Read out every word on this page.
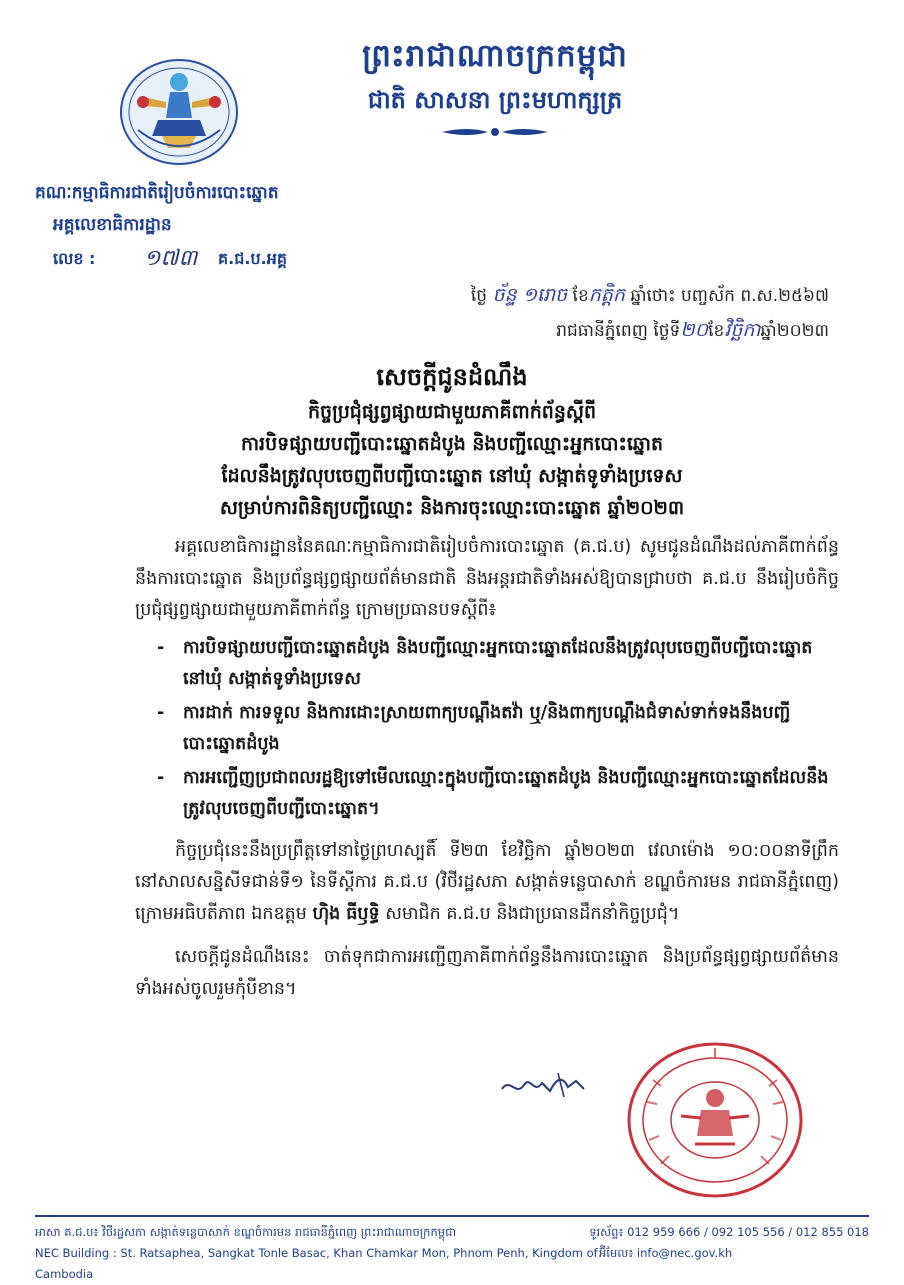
ព្រះរាជាណាចក្រកម្ពុជា
ជាតិ សាសនា ព្រះមហាក្សត្រ
គណៈកម្មាធិការជាតិរៀបចំការបោះឆ្នោត
អគ្គលេខាធិការដ្ឋាន
លេខ :	១៧៣	គ.ជ.ប.អគ្គ
ថ្ងៃ ច័ន្ទ ១រោច ខែកត្តិក ឆ្នាំថោះ បញ្ចស័ក ព.ស.២៥៦៧
រាជធានីភ្នំពេញ ថ្ងៃទី២០ខែវិច្ឆិកាឆ្នាំ២០២៣
សេចក្តីជូនដំណឹង
កិច្ចប្រជុំផ្សព្វផ្សាយជាមួយភាគីពាក់ព័ន្ធស្តីពី
ការបិទផ្សាយបញ្ជីបោះឆ្នោតដំបូង និងបញ្ជីឈ្មោះអ្នកបោះឆ្នោត
ដែលនឹងត្រូវលុបចេញពីបញ្ជីបោះឆ្នោត នៅឃុំ សង្កាត់ទូទាំងប្រទេស
សម្រាប់ការពិនិត្យបញ្ជីឈ្មោះ និងការចុះឈ្មោះបោះឆ្នោត ឆ្នាំ២០២៣
អគ្គលេខាធិការដ្ឋាននៃគណៈកម្មាធិការជាតិរៀបចំការបោះឆ្នោត (គ.ជ.ប) សូមជូនដំណឹងដល់ភាគីពាក់ព័ន្ធនឹងការបោះឆ្នោត និងប្រព័ន្ធផ្សព្វផ្សាយព័ត៌មានជាតិ និងអន្តរជាតិទាំងអស់ឱ្យបានជ្រាបថា គ.ជ.ប នឹងរៀបចំកិច្ចប្រជុំផ្សព្វផ្សាយជាមួយភាគីពាក់ព័ន្ធ ក្រោមប្រធានបទស្តីពី៖
- ការបិទផ្សាយបញ្ជីបោះឆ្នោតដំបូង និងបញ្ជីឈ្មោះអ្នកបោះឆ្នោតដែលនឹងត្រូវលុបចេញពីបញ្ជីបោះឆ្នោត នៅឃុំ សង្កាត់ទូទាំងប្រទេស
- ការដាក់ ការទទួល និងការដោះស្រាយពាក្យបណ្តឹងតវ៉ា ឬ/និងពាក្យបណ្តឹងជំទាស់ទាក់ទងនឹងបញ្ជីបោះឆ្នោតដំបូង
- ការអញ្ជើញប្រជាពលរដ្ឋឱ្យទៅមើលឈ្មោះក្នុងបញ្ជីបោះឆ្នោតដំបូង និងបញ្ជីឈ្មោះអ្នកបោះឆ្នោតដែលនឹងត្រូវលុបចេញពីបញ្ជីបោះឆ្នោត។
កិច្ចប្រជុំនេះនឹងប្រព្រឹត្តទៅនាថ្ងៃព្រហស្បតិ៍ ទី២៣ ខែវិច្ឆិកា ឆ្នាំ២០២៣ វេលាម៉ោង ១០:០០នាទីព្រឹក នៅសាលសន្និសីទជាន់ទី១ នៃទីស្តីការ គ.ជ.ប (វិថីរដ្ឋសភា សង្កាត់ទន្លេបាសាក់ ខណ្ឌចំការមន រាជធានីភ្នំពេញ) ក្រោមអធិបតីភាព ឯកឧត្តម ហ៊ិង ធីឫទ្ធិ សមាជិក គ.ជ.ប និងជាប្រធានដឹកនាំកិច្ចប្រជុំ។
សេចក្តីជូនដំណឹងនេះ ចាត់ទុកជាការអញ្ជើញភាគីពាក់ព័ន្ធនឹងការបោះឆ្នោត និងប្រព័ន្ធផ្សព្វផ្សាយព័ត៌មានទាំងអស់ចូលរួមកុំបីខាន។
អាសា គ.ជ.ប៖ វិថីរដ្ឋសភា សង្កាត់ទន្លេបាសាក់ ខណ្ឌចំការមន រាជធានីភ្នំពេញ ព្រះរាជាណាចក្រកម្ពុជា	ទូរស័ព្ទ៖ 012 959 666 / 092 105 556 / 012 855 018
NEC Building : St. Ratsaphea, Sangkat Tonle Basac, Khan Chamkar Mon, Phnom Penh, Kingdom of Cambodia
អ៊ីមែល៖ info@nec.gov.kh
